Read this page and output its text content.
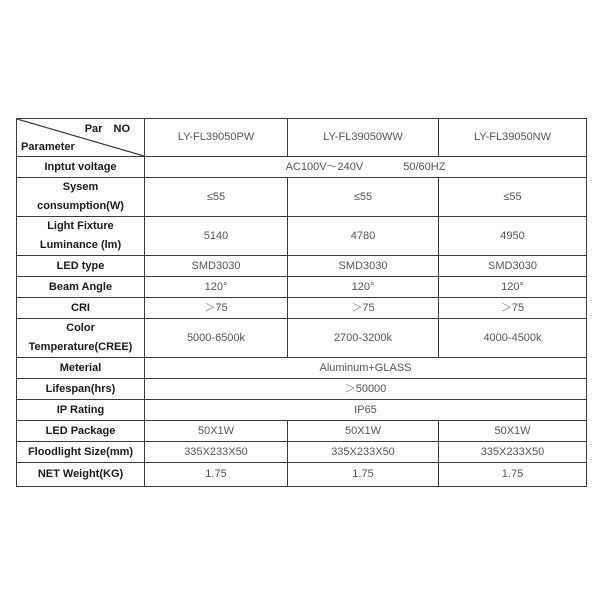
Par NO
Parameter	LY-FL39050PW	LY-FL39050WW	LY-FL39050NW
Inptut voltage	AC100V～240V 50/60HZ		

Sysem
consumption(W)	≤55	≤55	≤55

Light Fixture
Luminance (lm)	5140	4780	4950
LED type	SMD3030	SMD3030	SMD3030
Beam Angle	120°	120°	120°
CRI	＞75	＞75	＞75

Color
Temperature(CREE)	5000-6500k	2700-3200k	4000-4500k
Meterial	Aluminum+GLASS		
Lifespan(hrs)	＞50000		
IP Rating	IP65		
LED Package	50X1W	50X1W	50X1W
Floodlight Size(mm)	335X233X50	335X233X50	335X233X50
NET Weight(KG)	1.75	1.75	1.75
